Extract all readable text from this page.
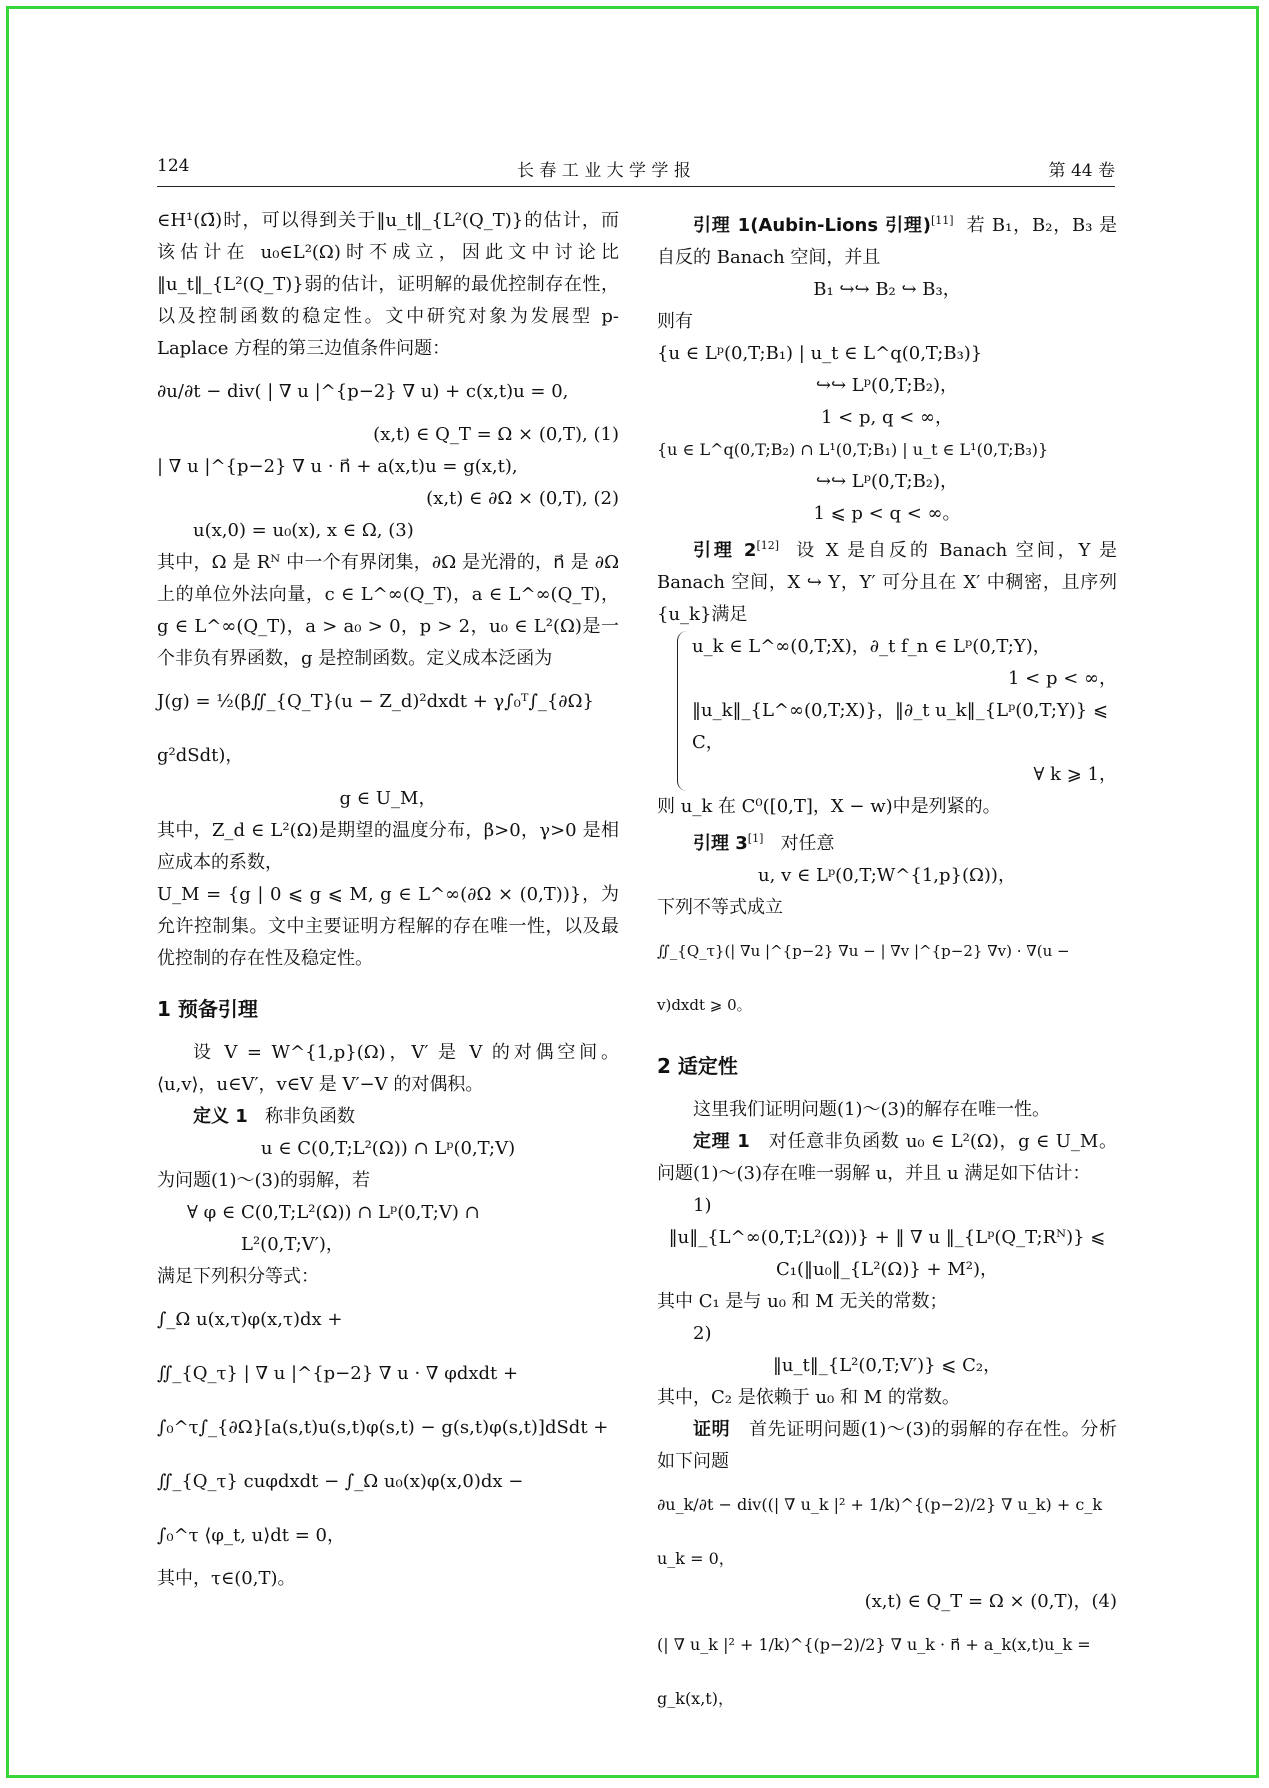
124	长 春 工 业 大 学 学 报	第 44 卷

∈H¹(Ω̄)时，可以得到关于‖u_t‖_{L²(Q_T)}的估计，而该估计在 u₀∈L²(Ω)时不成立，因此文中讨论比‖u_t‖_{L²(Q_T)}弱的估计，证明解的最优控制存在性，以及控制函数的稳定性。文中研究对象为发展型 p-Laplace 方程的第三边值条件问题：

∂u/∂t − div( | ∇ u |^{p−2} ∇ u) + c(x,t)u = 0,

(x,t) ∈ Q_T = Ω × (0,T), (1)

| ∇ u |^{p−2} ∇ u · n⃗ + a(x,t)u = g(x,t),

(x,t) ∈ ∂Ω × (0,T), (2)

u(x,0) = u₀(x), x ∈ Ω, (3)

其中，Ω 是 Rᴺ 中一个有界闭集，∂Ω 是光滑的，n⃗ 是 ∂Ω 上的单位外法向量，c ∈ L^∞(Q_T)，a ∈ L^∞(Q_T)，g ∈ L^∞(Q_T)，a > a₀ > 0，p > 2，u₀ ∈ L²(Ω)是一个非负有界函数，g 是控制函数。定义成本泛函为

J(g) = ½(β∬_{Q_T}(u − Z_d)²dxdt + γ∫₀ᵀ∫_{∂Ω} g²dSdt)，

g ∈ U_M，

其中，Z_d ∈ L²(Ω)是期望的温度分布，β>0，γ>0 是相应成本的系数，

U_M = {g | 0 ⩽ g ⩽ M, g ∈ L^∞(∂Ω × (0,T))}，为允许控制集。文中主要证明方程解的存在唯一性，以及最优控制的存在性及稳定性。

1 预备引理

设 V = W^{1,p}(Ω)，V′ 是 V 的对偶空间。⟨u,v⟩，u∈V′，v∈V 是 V′−V 的对偶积。

定义 1 称非负函数

u ∈ C(0,T;L²(Ω)) ∩ Lᵖ(0,T;V)

为问题(1)～(3)的弱解，若

∀ φ ∈ C(0,T;L²(Ω)) ∩ Lᵖ(0,T;V) ∩

L²(0,T;V′)，

满足下列积分等式：

∫_Ω u(x,τ)φ(x,τ)dx +

∬_{Q_τ} | ∇ u |^{p−2} ∇ u · ∇ φdxdt +

∫₀^τ∫_{∂Ω}[a(s,t)u(s,t)φ(s,t) − g(s,t)φ(s,t)]dSdt +

∬_{Q_τ} cuφdxdt − ∫_Ω u₀(x)φ(x,0)dx −

∫₀^τ ⟨φ_t, u⟩dt = 0，

其中，τ∈(0,T)。

引理 1(Aubin-Lions 引理)[11] 若 B₁，B₂，B₃ 是自反的 Banach 空间，并且

B₁ ↪↪ B₂ ↪ B₃，

则有

{u ∈ Lᵖ(0,T;B₁) | u_t ∈ L^q(0,T;B₃)}

↪↪ Lᵖ(0,T;B₂)，

1 < p, q < ∞，

{u ∈ L^q(0,T;B₂) ∩ L¹(0,T;B₁) | u_t ∈ L¹(0,T;B₃)}

↪↪ Lᵖ(0,T;B₂)，

1 ⩽ p < q < ∞。

引理 2[12] 设 X 是自反的 Banach 空间，Y 是 Banach 空间，X ↪ Y，Y′ 可分且在 X′ 中稠密，且序列{u_k}满足

u_k ∈ L^∞(0,T;X)，∂_t f_n ∈ Lᵖ(0,T;Y)，

1 < p < ∞，

‖u_k‖_{L^∞(0,T;X)}，‖∂_t u_k‖_{Lᵖ(0,T;Y)} ⩽ C，

∀ k ⩾ 1，

则 u_k 在 C⁰([0,T]，X − w)中是列紧的。

引理 3[1] 对任意

u, v ∈ Lᵖ(0,T;W^{1,p}(Ω))，

下列不等式成立

∬_{Q_τ}(| ∇u |^{p−2} ∇u − | ∇v |^{p−2} ∇v) · ∇(u − v)dxdt ⩾ 0。

2 适定性

这里我们证明问题(1)～(3)的解存在唯一性。

定理 1 对任意非负函数 u₀ ∈ L²(Ω)，g ∈ U_M。问题(1)～(3)存在唯一弱解 u，并且 u 满足如下估计：

1)

‖u‖_{L^∞(0,T;L²(Ω))} + ‖ ∇ u ‖_{Lᵖ(Q_T;Rᴺ)} ⩽

C₁(‖u₀‖_{L²(Ω)} + M²)，

其中 C₁ 是与 u₀ 和 M 无关的常数；

2)

‖u_t‖_{L²(0,T;V′)} ⩽ C₂，

其中，C₂ 是依赖于 u₀ 和 M 的常数。

证明 首先证明问题(1)～(3)的弱解的存在性。分析如下问题

∂u_k/∂t − div((| ∇ u_k |² + 1/k)^{(p−2)/2} ∇ u_k) + c_k u_k = 0，

(x,t) ∈ Q_T = Ω × (0,T)，(4)

(| ∇ u_k |² + 1/k)^{(p−2)/2} ∇ u_k · n⃗ + a_k(x,t)u_k = g_k(x,t)，
